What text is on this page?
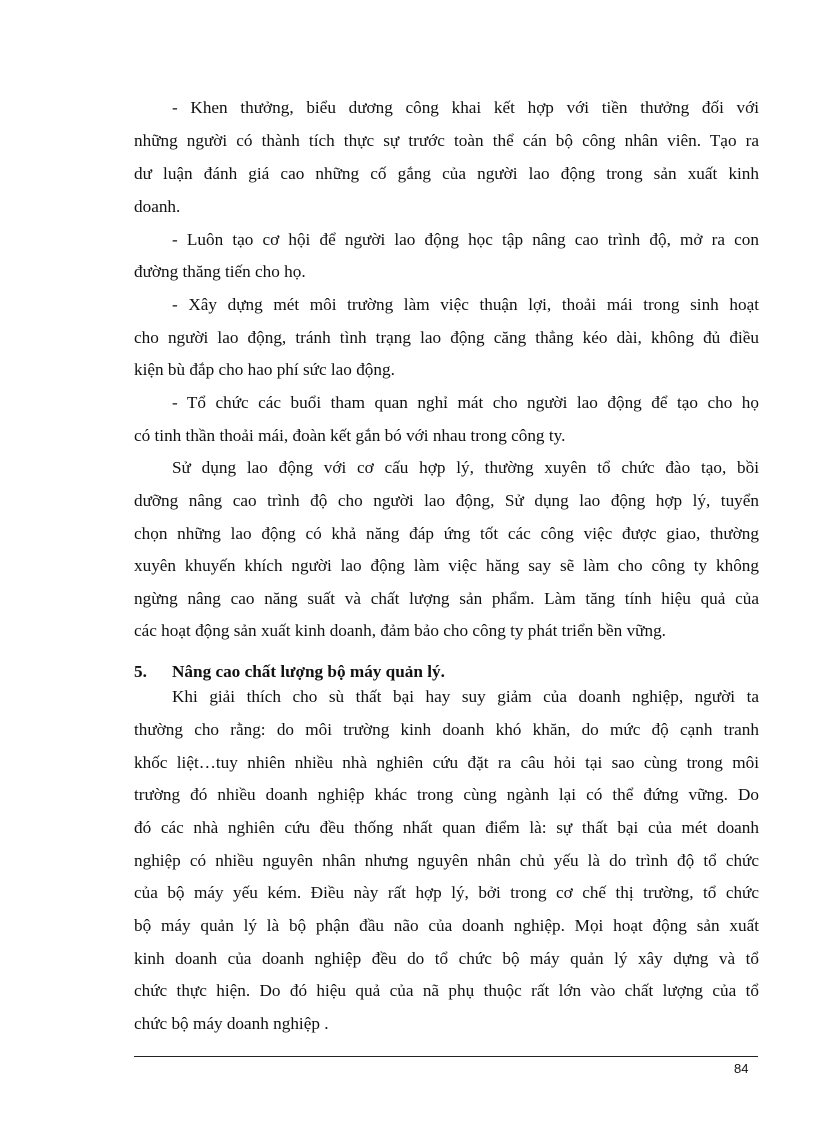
- Khen thưởng, biểu dương công khai kết hợp với tiền thưởng đối với
những người có thành tích thực sự trước toàn thể cán bộ công nhân viên. Tạo ra
dư luận đánh giá cao những cố gắng của người lao động trong sản xuất kinh
doanh.
- Luôn tạo cơ hội để người lao động học tập nâng cao trình độ, mở ra con
đường thăng tiến cho họ.
- Xây dựng mét môi trường làm việc thuận lợi, thoải mái trong sinh hoạt
cho người lao động, tránh tình trạng lao động căng thẳng kéo dài, không đủ điều
kiện bù đắp cho hao phí sức lao động.
- Tổ chức các buổi tham quan nghỉ mát cho người lao động để tạo cho họ
có tinh thần thoải mái, đoàn kết gắn bó với nhau trong công ty.
Sử dụng lao động với cơ cấu hợp lý, thường xuyên tổ chức đào tạo, bồi
dưỡng nâng cao trình độ cho người lao động, Sử dụng lao động hợp lý, tuyển
chọn những lao động có khả năng đáp ứng tốt các công việc được giao, thường
xuyên khuyến khích người lao động làm việc hăng say sẽ làm cho công ty không
ngừng nâng cao năng suất và chất lượng sản phẩm. Làm tăng tính hiệu quả của
các hoạt động sản xuất kinh doanh, đảm bảo cho công ty phát triển bền vững.
5. Nâng cao chất lượng bộ máy quản lý.
Khi giải thích cho sù thất bại hay suy giảm của doanh nghiệp, người ta
thường cho rằng: do môi trường kinh doanh khó khăn, do mức độ cạnh tranh
khốc liệt…tuy nhiên nhiều nhà nghiên cứu đặt ra câu hỏi tại sao cùng trong môi
trường đó nhiều doanh nghiệp khác trong cùng ngành lại có thể đứng vững. Do
đó các nhà nghiên cứu đều thống nhất quan điểm là: sự thất bại của mét doanh
nghiệp có nhiều nguyên nhân nhưng nguyên nhân chủ yếu là do trình độ tổ chức
của bộ máy yếu kém. Điều này rất hợp lý, bởi trong cơ chế thị trường, tổ chức
bộ máy quản lý là bộ phận đầu não của doanh nghiệp. Mọi hoạt động sản xuất
kinh doanh của doanh nghiệp đều do tổ chức bộ máy quản lý xây dựng và tổ
chức thực hiện. Do đó hiệu quả của nã phụ thuộc rất lớn vào chất lượng của tổ
chức bộ máy doanh nghiệp .
84
